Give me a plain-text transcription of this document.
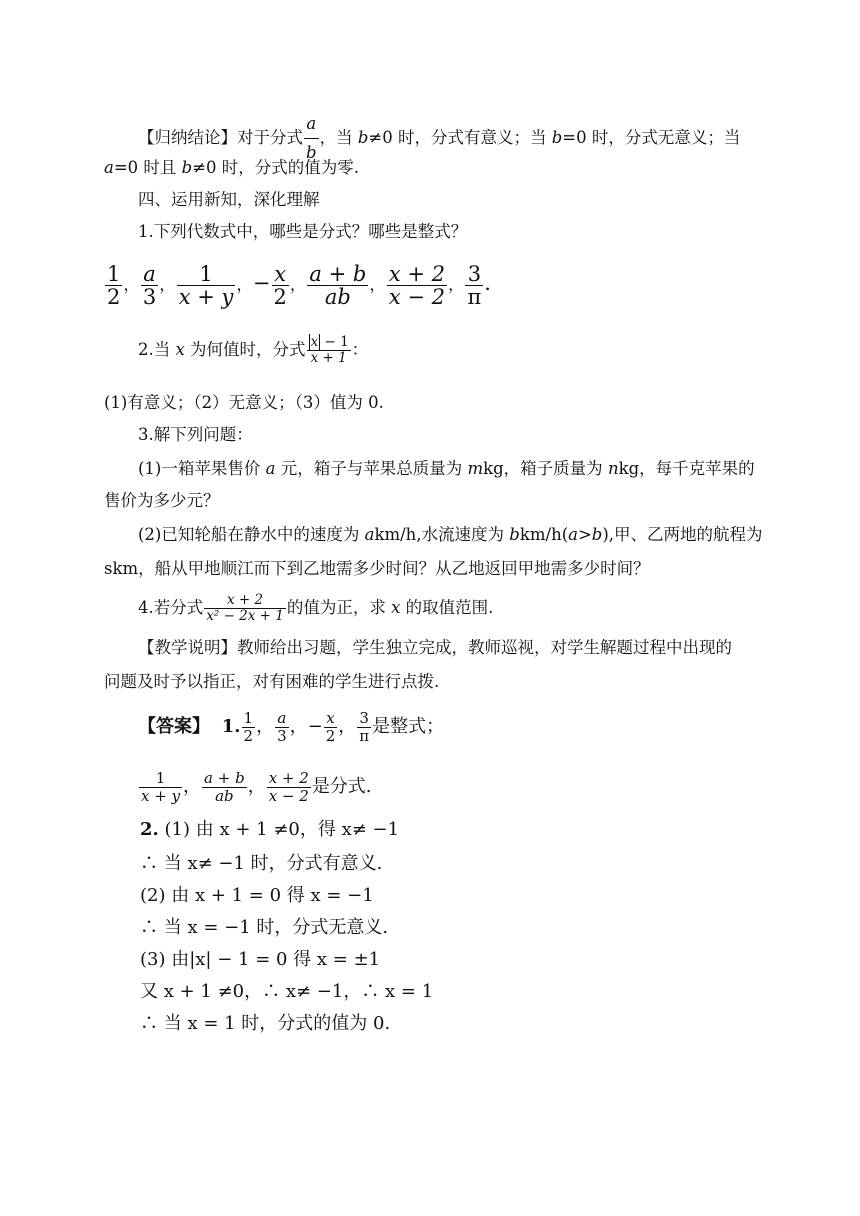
【归纳结论】对于分式 $\frac{a}{b}$ ，当 b≠0 时，分式有意义；当 b=0 时，分式无意义；当
a=0 时且 b≠0 时，分式的值为零.
四、运用新知，深化理解
1.下列代数式中，哪些是分式？哪些是整式？
$\frac{1}{2}$ ， $\frac{a}{3}$ ， $\frac{1}{x + y}$ ，− $\frac{x}{2}$ ， $\frac{a + b}{ab}$ ， $\frac{x + 2}{x - 2}$ ， $\frac{3}{\pi}$ .
2.当 x 为何值时，分式 $\frac{x - 1}{x + 1}$ ：
(1)有意义；（2）无意义；（3）值为 0.
3.解下列问题：
(1)一箱苹果售价 a 元，箱子与苹果总质量为 mkg，箱子质量为 nkg，每千克苹果的
售价为多少元？
(2)已知轮船在静水中的速度为 akm/h,水流速度为 bkm/h(a>b),甲、乙两地的航程为
skm，船从甲地顺江而下到乙地需多少时间？从乙地返回甲地需多少时间？
4.若分式 $\frac{x + 2}{\text{x² − 2x + 1}}$ 的值为正，求 x 的取值范围.
【教学说明】教师给出习题，学生独立完成，教师巡视，对学生解题过程中出现的
问题及时予以指正，对有困难的学生进行点拨.
【答案】 1. $\frac{1}{2}$ ， $\frac{a}{3}$ ，− $\frac{x}{2}$ ， $\frac{3}{\pi}$ 是整式；
$\frac{1}{x + y}$ ， $\frac{a + b}{ab}$ ， $\frac{x + 2}{x - 2}$ 是分式.
2. (1) 由 x + 1 ≠0，得 x≠ −1
∴ 当 x≠ −1 时，分式有意义.
(2) 由 x + 1 = 0 得 x = −1
∴ 当 x = −1 时，分式无意义.
(3) 由|x| − 1 = 0 得 x = ±1
又 x + 1 ≠0，∴ x≠ −1，∴ x = 1
∴ 当 x = 1 时，分式的值为 0.
